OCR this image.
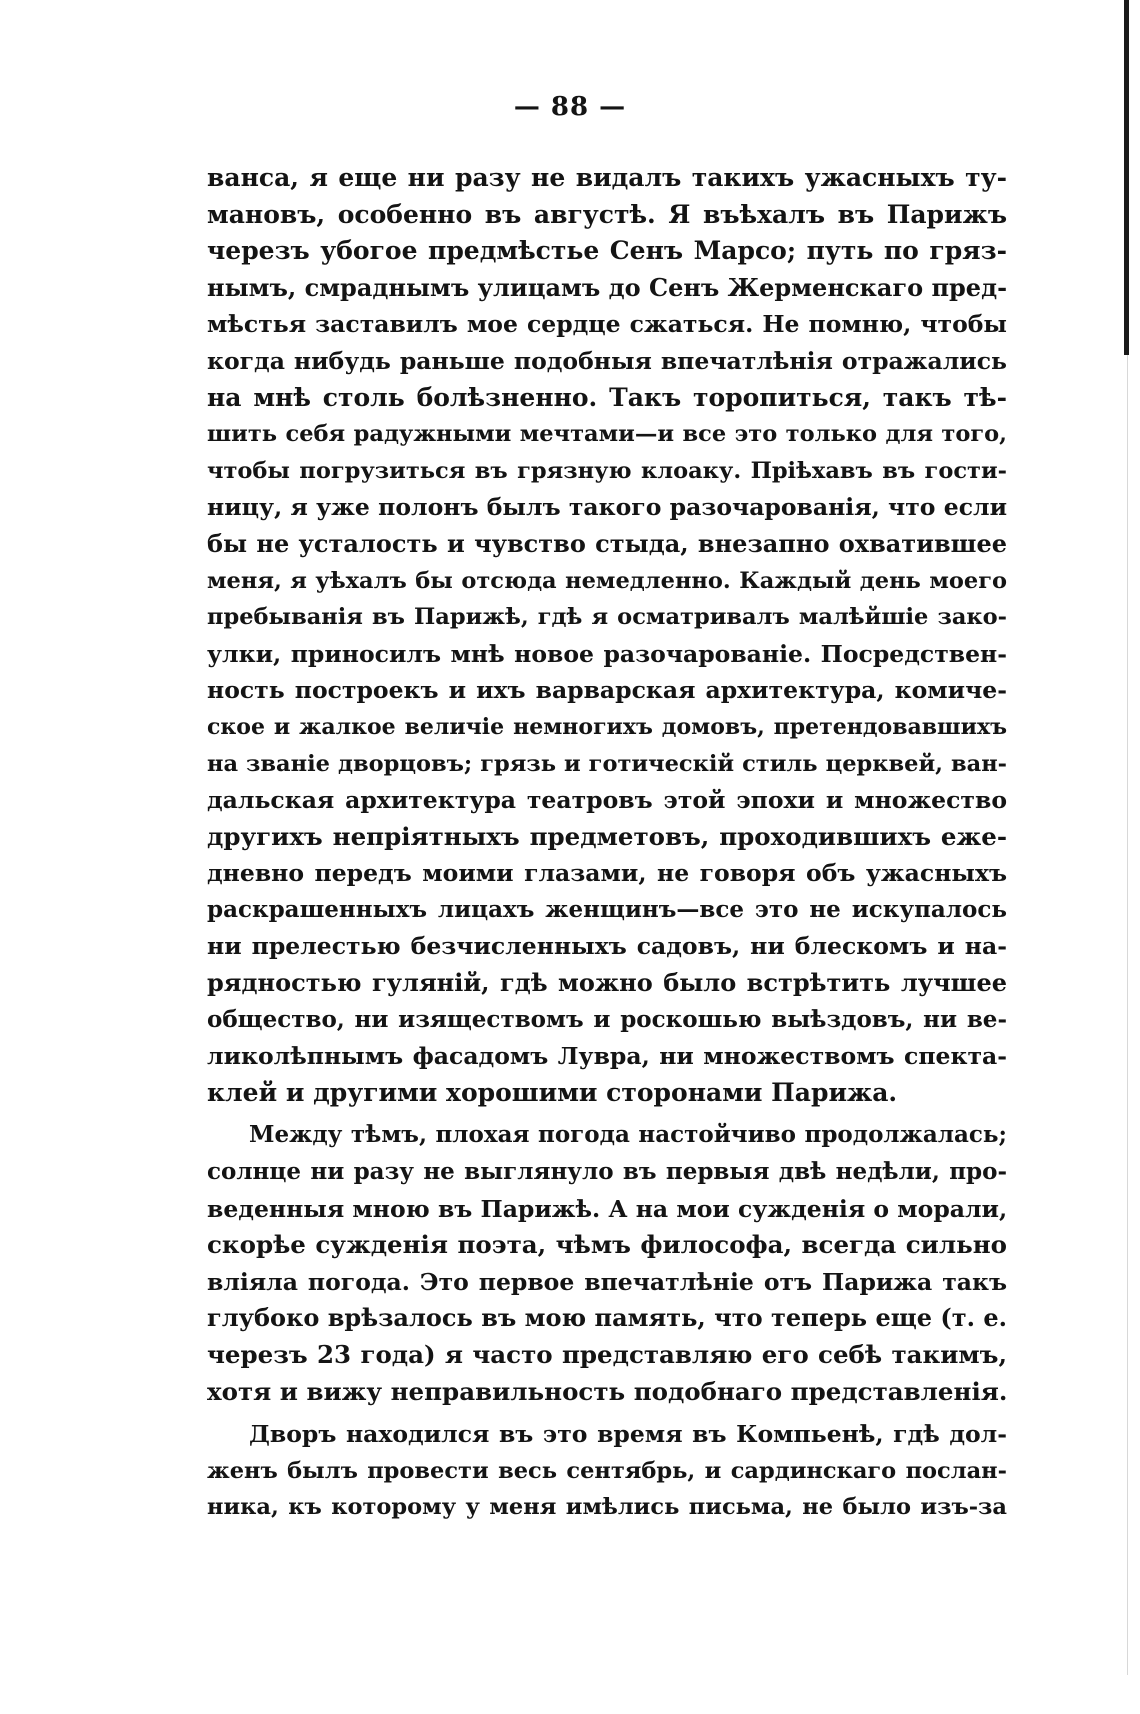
— 88 —
ванса, я еще ни разу не видалъ такихъ ужасныхъ ту-
мановъ, особенно въ августѣ. Я въѣхалъ въ Парижъ
черезъ убогое предмѣстье Сенъ Марсо; путь по гряз-
нымъ, смраднымъ улицамъ до Сенъ Жерменскаго пред-
мѣстья заставилъ мое сердце сжаться. Не помню, чтобы
когда нибудь раньше подобныя впечатлѣнія отражались
на мнѣ столь болѣзненно. Такъ торопиться, такъ тѣ-
шить себя радужными мечтами—и все это только для того,
чтобы погрузиться въ грязную клоаку. Пріѣхавъ въ гости-
ницу, я уже полонъ былъ такого разочарованія, что если
бы не усталость и чувство стыда, внезапно охватившее
меня, я уѣхалъ бы отсюда немедленно. Каждый день моего
пребыванія въ Парижѣ, гдѣ я осматривалъ малѣйшіе зако-
улки, приносилъ мнѣ новое разочарованіе. Посредствен-
ность построекъ и ихъ варварская архитектура, комиче-
ское и жалкое величіе немногихъ домовъ, претендовавшихъ
на званіе дворцовъ; грязь и готическій стиль церквей, ван-
дальская архитектура театровъ этой эпохи и множество
другихъ непріятныхъ предметовъ, проходившихъ еже-
дневно передъ моими глазами, не говоря объ ужасныхъ
раскрашенныхъ лицахъ женщинъ—все это не искупалось
ни прелестью безчисленныхъ садовъ, ни блескомъ и на-
рядностью гуляній, гдѣ можно было встрѣтить лучшее
общество, ни изяществомъ и роскошью выѣздовъ, ни ве-
ликолѣпнымъ фасадомъ Лувра, ни множествомъ спекта-
клей и другими хорошими сторонами Парижа.
Между тѣмъ, плохая погода настойчиво продолжалась;
солнце ни разу не выглянуло въ первыя двѣ недѣли, про-
веденныя мною въ Парижѣ. А на мои сужденія о морали,
скорѣе сужденія поэта, чѣмъ философа, всегда сильно
вліяла погода. Это первое впечатлѣніе отъ Парижа такъ
глубоко врѣзалось въ мою память, что теперь еще (т. е.
черезъ 23 года) я часто представляю его себѣ такимъ,
хотя и вижу неправильность подобнаго представленія.
Дворъ находился въ это время въ Компьенѣ, гдѣ дол-
женъ былъ провести весь сентябрь, и сардинскаго послан-
ника, къ которому у меня имѣлись письма, не было изъ-за
